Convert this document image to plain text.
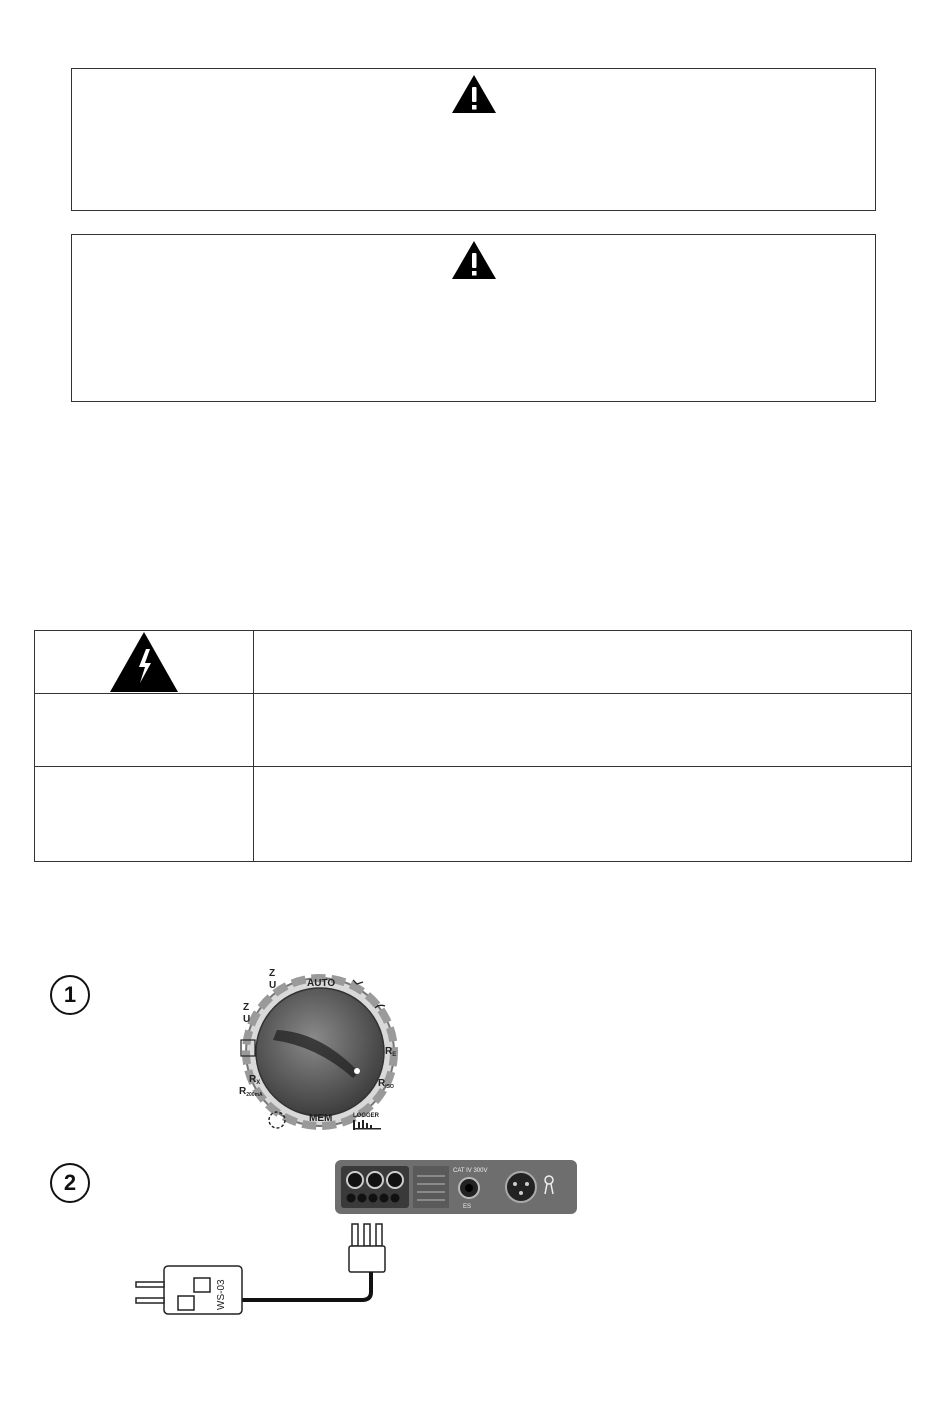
1
2
AUTO
MEM	LOGGER
$R_E$
$R_{ISO}$
$R_X$
$R_{200mA}$
Z
U
Z
U
CAT IV 300V
ES
WS-03
